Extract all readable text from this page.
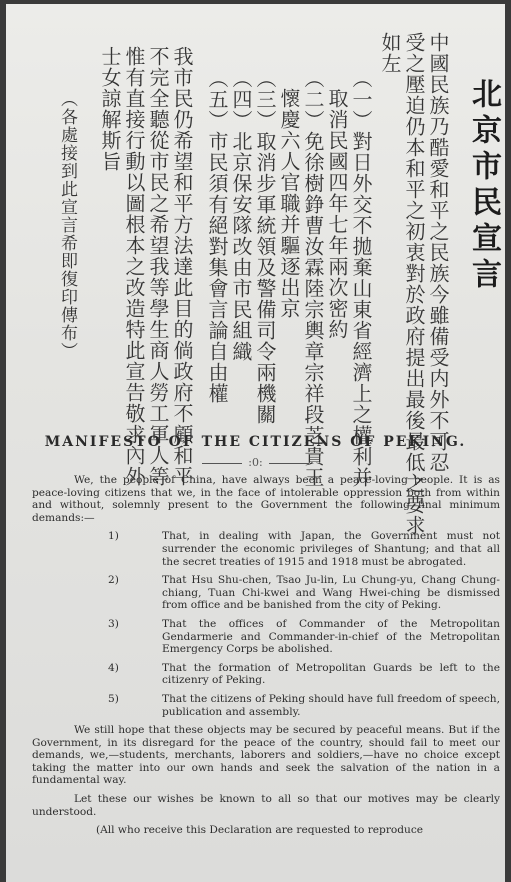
北京市民宣言
中國民族乃酷愛和平之民族今雖備受内外不可忍
受之壓迫仍本和平之初衷對於政府提出最後最低之要求
如左
（一）對日外交不拋棄山東省經濟上之權利并
取消民國四年七年兩次密約
（二）免徐樹錚曹汝霖陸宗輿章宗祥段芝貴王
懷慶六人官職并驅逐出京
（三）取消步軍統領及警備司令兩機關
（四）北京保安隊改由市民組織
（五）市民須有絕對集會言論自由權
我市民仍希望和平方法達此目的倘政府不顧和平
不完全聽從市民之希望我等學生商人勞工軍人等
惟有直接行動以圖根本之改造特此宣告敬求內外
士女諒解斯旨
（各處接到此宣言希即復印傳布）
MANIFESTO OF THE CITIZENS OF PEKING.
:0:

We, the people of China, have always been a peace-loving people. It is as peace-loving citizens that we, in the face of intolerable oppression both from within and without, solemnly present to the Government the following final minimum demands:—

1)	That, in dealing with Japan, the Government must not surrender the economic privileges of Shantung; and that all the secret treaties of 1915 and 1918 must be abrogated.
2)	That Hsu Shu-chen, Tsao Ju-lin, Lu Chung-yu, Chang Chung-chiang, Tuan Chi-kwei and Wang Hwei-ching be dismissed from office and be banished from the city of Peking.
3)	That the offices of Commander of the Metropolitan Gendarmerie and Commander-in-chief of the Metropolitan Emergency Corps be abolished.
4)	That the formation of Metropolitan Guards be left to the citizenry of Peking.
5)	That the citizens of Peking should have full freedom of speech, publication and assembly.

We still hope that these objects may be secured by peaceful means. But if the Government, in its disregard for the peace of the country, should fail to meet our demands, we,—students, merchants, laborers and soldiers,—have no choice except taking the matter into our own hands and seek the salvation of the nation in a fundamental way.

Let these our wishes be known to all so that our motives may be clearly understood.

(All who receive this Declaration are requested to reproduce
